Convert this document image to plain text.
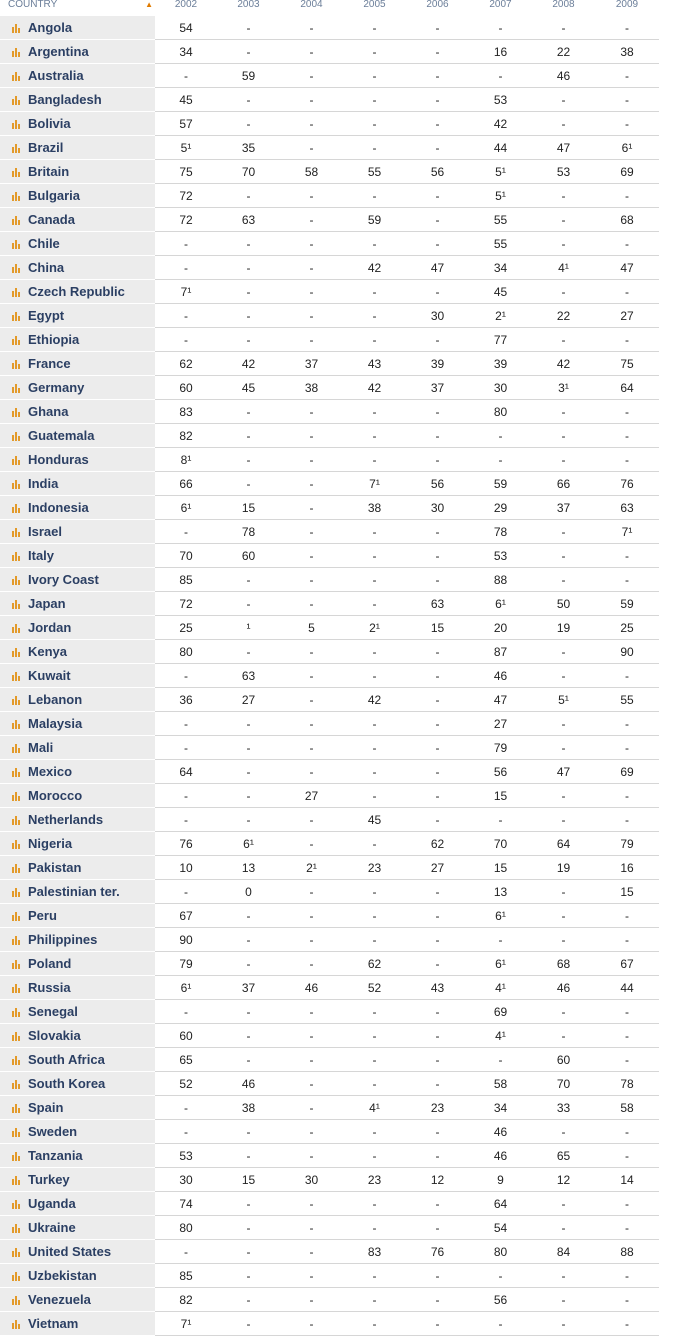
COUNTRY ▲	2002	2003	2004	2005	2006	2007	2008	2009

Angola	54	-	-	-	-	-	-	-

Argentina	34	-	-	-	-	16	22	38

Australia	-	59	-	-	-	-	46	-

Bangladesh	45	-	-	-	-	53	-	-

Bolivia	57	-	-	-	-	42	-	-

Brazil	5¹	35	-	-	-	44	47	6¹

Britain	75	70	58	55	56	5¹	53	69

Bulgaria	72	-	-	-	-	5¹	-	-

Canada	72	63	-	59	-	55	-	68

Chile	-	-	-	-	-	55	-	-

China	-	-	-	42	47	34	4¹	47

Czech Republic	7¹	-	-	-	-	45	-	-

Egypt	-	-	-	-	30	2¹	22	27

Ethiopia	-	-	-	-	-	77	-	-

France	62	42	37	43	39	39	42	75

Germany	60	45	38	42	37	30	3¹	64

Ghana	83	-	-	-	-	80	-	-

Guatemala	82	-	-	-	-	-	-	-

Honduras	8¹	-	-	-	-	-	-	-

India	66	-	-	7¹	56	59	66	76

Indonesia	6¹	15	-	38	30	29	37	63

Israel	-	78	-	-	-	78	-	7¹

Italy	70	60	-	-	-	53	-	-

Ivory Coast	85	-	-	-	-	88	-	-

Japan	72	-	-	-	63	6¹	50	59

Jordan	25	¹	5	2¹	15	20	19	25

Kenya	80	-	-	-	-	87	-	90

Kuwait	-	63	-	-	-	46	-	-

Lebanon	36	27	-	42	-	47	5¹	55

Malaysia	-	-	-	-	-	27	-	-

Mali	-	-	-	-	-	79	-	-

Mexico	64	-	-	-	-	56	47	69

Morocco	-	-	27	-	-	15	-	-

Netherlands	-	-	-	45	-	-	-	-

Nigeria	76	6¹	-	-	62	70	64	79

Pakistan	10	13	2¹	23	27	15	19	16

Palestinian ter.	-	0	-	-	-	13	-	15

Peru	67	-	-	-	-	6¹	-	-

Philippines	90	-	-	-	-	-	-	-

Poland	79	-	-	62	-	6¹	68	67

Russia	6¹	37	46	52	43	4¹	46	44

Senegal	-	-	-	-	-	69	-	-

Slovakia	60	-	-	-	-	4¹	-	-

South Africa	65	-	-	-	-	-	60	-

South Korea	52	46	-	-	-	58	70	78

Spain	-	38	-	4¹	23	34	33	58

Sweden	-	-	-	-	-	46	-	-

Tanzania	53	-	-	-	-	46	65	-

Turkey	30	15	30	23	12	9	12	14

Uganda	74	-	-	-	-	64	-	-

Ukraine	80	-	-	-	-	54	-	-

United States	-	-	-	83	76	80	84	88

Uzbekistan	85	-	-	-	-	-	-	-

Venezuela	82	-	-	-	-	56	-	-

Vietnam	7¹	-	-	-	-	-	-	-
